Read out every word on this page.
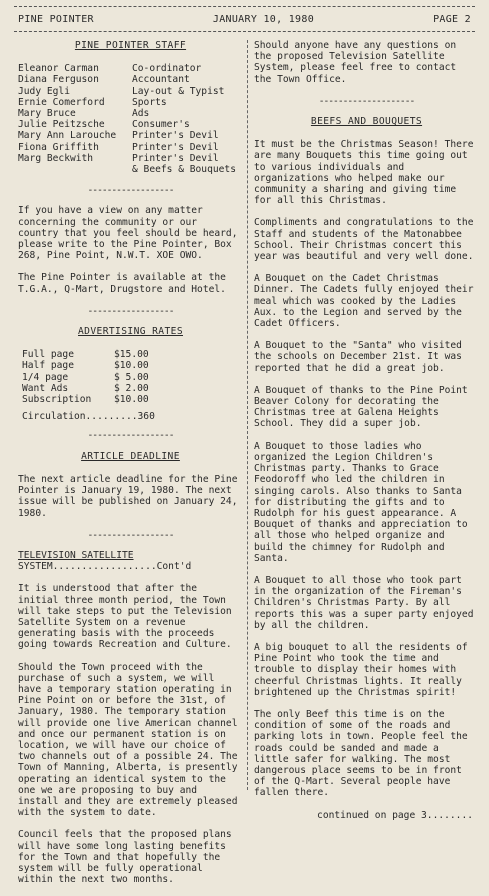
PINE POINTER	JANUARY 10, 1980	PAGE 2
PINE POINTER STAFF
Eleanor Carman	Co-ordinator
Diana Ferguson	Accountant
Judy Egli	Lay-out & Typist
Ernie Comerford	Sports
Mary Bruce	Ads
Julie Peitzsche	Consumer's
Mary Ann Larouche	Printer's Devil
Fiona Griffith	Printer's Devil
Marg Beckwith	Printer's Devil
& Beefs & Bouquets
------------------

If you have a view on any matter concerning the community or our country that you feel should be heard, please write to the Pine Pointer, Box 268, Pine Point, N.W.T. XOE OWO.

The Pine Pointer is available at the T.G.A., Q-Mart, Drugstore and Hotel.

------------------
ADVERTISING RATES
Full page	$15.00
Half page	$10.00
1/4 page	$ 5.00
Want Ads	$ 2.00
Subscription	$10.00
Circulation.........360
------------------
ARTICLE DEADLINE

The next article deadline for the Pine Pointer is January 19, 1980. The next issue will be published on January 24, 1980.

------------------
TELEVISION SATELLITE
SYSTEM..................Cont'd

It is understood that after the initial three month period, the Town will take steps to put the Television Satellite System on a revenue generating basis with the proceeds going towards Recreation and Culture.

Should the Town proceed with the purchase of such a system, we will have a temporary station operating in Pine Point on or before the 31st, of January, 1980. The temporary station will provide one live American channel and once our permanent station is on location, we will have our choice of two channels out of a possible 24. The Town of Manning, Alberta, is presently operating an identical system to the one we are proposing to buy and install and they are extremely pleased with the system to date.

Council feels that the proposed plans will have some long lasting benefits for the Town and that hopefully the system will be fully operational within the next two months.

Should anyone have any questions on the proposed Television Satellite System, please feel free to contact the Town Office.

--------------------
BEEFS AND BOUQUETS

It must be the Christmas Season! There are many Bouquets this time going out to various individuals and organizations who helped make our community a sharing and giving time for all this Christmas.

Compliments and congratulations to the Staff and students of the Matonabbee School. Their Christmas concert this year was beautiful and very well done.

A Bouquet on the Cadet Christmas Dinner. The Cadets fully enjoyed their meal which was cooked by the Ladies Aux. to the Legion and served by the Cadet Officers.

A Bouquet to the "Santa" who visited the schools on December 21st. It was reported that he did a great job.

A Bouquet of thanks to the Pine Point Beaver Colony for decorating the Christmas tree at Galena Heights School. They did a super job.

A Bouquet to those ladies who organized the Legion Children's Christmas party. Thanks to Grace Feodoroff who led the children in singing carols. Also thanks to Santa for distributing the gifts and to Rudolph for his guest appearance. A Bouquet of thanks and appreciation to all those who helped organize and build the chimney for Rudolph and Santa.

A Bouquet to all those who took part in the organization of the Fireman's Children's Christmas Party. By all reports this was a super party enjoyed by all the children.

A big bouquet to all the residents of Pine Point who took the time and trouble to display their homes with cheerful Christmas lights. It really brightened up the Christmas spirit!

The only Beef this time is on the condition of some of the roads and parking lots in town. People feel the roads could be sanded and made a little safer for walking. The most dangerous place seems to be in front of the Q-Mart. Several people have fallen there.

continued on page 3........
